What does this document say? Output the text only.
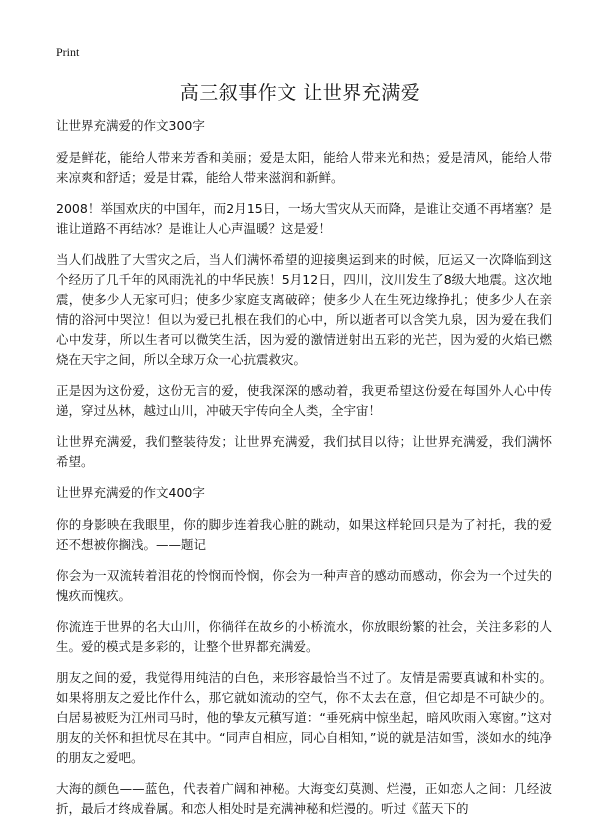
Print
高三叙事作文 让世界充满爱
让世界充满爱的作文300字

爱是鲜花，能给人带来芳香和美丽；爱是太阳，能给人带来光和热；爱是清风，能给人带来凉爽和舒适；爱是甘霖，能给人带来滋润和新鲜。

2008！举国欢庆的中国年，而2月15日，一场大雪灾从天而降，是谁让交通不再堵塞？是谁让道路不再结冰？是谁让人心声温暖？这是爱！

当人们战胜了大雪灾之后，当人们满怀希望的迎接奥运到来的时候，厄运又一次降临到这个经历了几千年的风雨洗礼的中华民族！5月12日，四川，汶川发生了8级大地震。这次地震，使多少人无家可归；使多少家庭支离破碎；使多少人在生死边缘挣扎；使多少人在亲情的浴河中哭泣！但以为爱已扎根在我们的心中，所以逝者可以含笑九泉，因为爱在我们心中发芽，所以生者可以微笑生活，因为爱的激情迸射出五彩的光芒，因为爱的火焰已燃烧在天宇之间，所以全球万众一心抗震救灾。

正是因为这份爱，这份无言的爱，使我深深的感动着，我更希望这份爱在每国外人心中传递，穿过丛林，越过山川，冲破天宇传向全人类，全宇宙！

让世界充满爱，我们整装待发；让世界充满爱，我们拭目以待；让世界充满爱，我们满怀希望。

让世界充满爱的作文400字

你的身影映在我眼里，你的脚步连着我心脏的跳动，如果这样轮回只是为了衬托，我的爱还不想被你搁浅。——题记

你会为一双流转着泪花的怜悯而怜悯，你会为一种声音的感动而感动，你会为一个过失的愧疚而愧疚。

你流连于世界的名大山川，你徜徉在故乡的小桥流水，你放眼纷繁的社会，关注多彩的人生。爱的模式是多彩的，让整个世界都充满爱。

朋友之间的爱，我觉得用纯洁的白色，来形容最恰当不过了。友情是需要真诚和朴实的。如果将朋友之爱比作什么，那它就如流动的空气，你不太去在意，但它却是不可缺少的。白居易被贬为江州司马时，他的挚友元稹写道：“垂死病中惊坐起，暗风吹雨入寒窗。”这对朋友的关怀和担忧尽在其中。“同声自相应，同心自相知，”说的就是洁如雪，淡如水的纯净的朋友之爱吧。

大海的颜色——蓝色，代表着广阔和神秘。大海变幻莫测、烂漫，正如恋人之间：几经波折，最后才终成眷属。和恋人相处时是充满神秘和烂漫的。听过《蓝天下的
